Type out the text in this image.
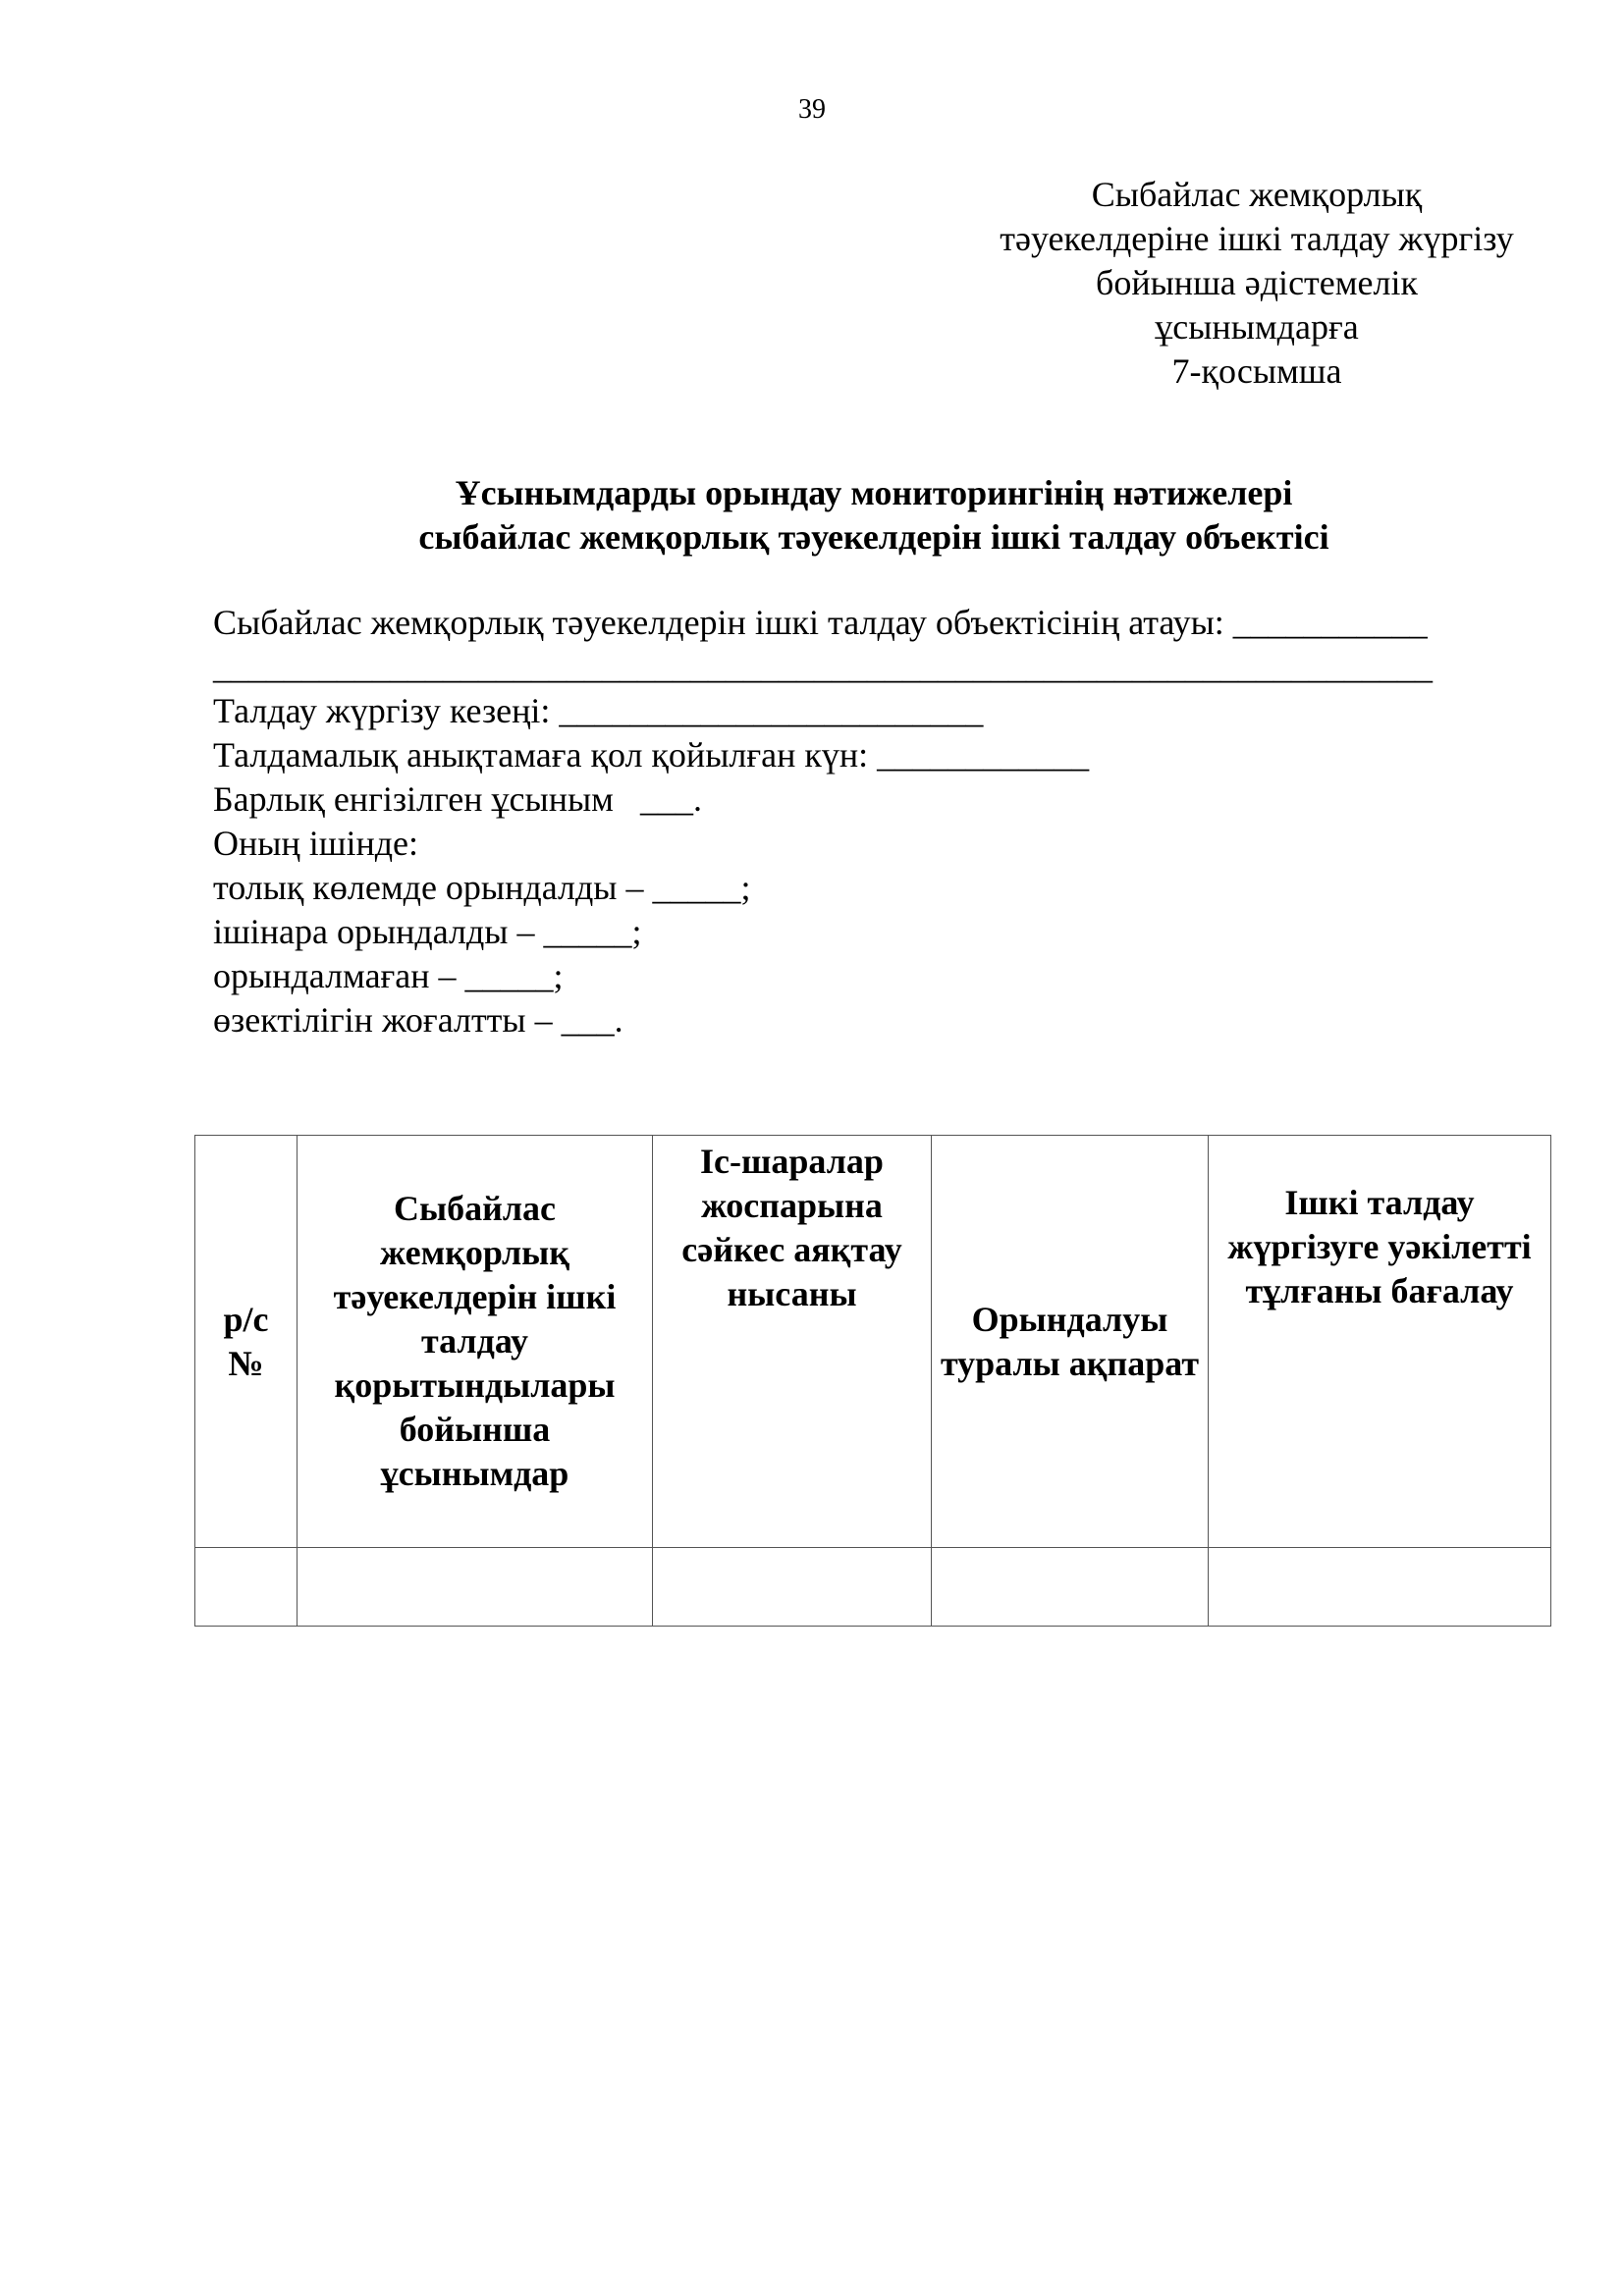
39
Сыбайлас жемқорлық
тәуекелдеріне ішкі талдау жүргізу
бойынша әдістемелік
ұсынымдарға
7-қосымша
Ұсынымдарды орындау мониторингінің нәтижелері
сыбайлас жемқорлық тәуекелдерін ішкі талдау объектісі
Сыбайлас жемқорлық тәуекелдерін ішкі талдау объектісінің атауы: ___________
_____________________________________________________________________
Талдау жүргізу кезеңі: ________________________
Талдамалық анықтамаға қол қойылған күн: ____________
Барлық енгізілген ұсыным   ___.
Оның ішінде:
толық көлемде орындалды – _____;
ішінара орындалды – _____;
орындалмаған – _____;
өзектілігін жоғалтты – ___.
р/с №	Сыбайлас жемқорлық тәуекелдерін ішкі талдау қорытындылары бойынша ұсынымдар	Іс-шаралар жоспарына сәйкес аяқтау нысаны	Орындалуы туралы ақпарат	Ішкі талдау жүргізуге уәкілетті тұлғаны бағалау
